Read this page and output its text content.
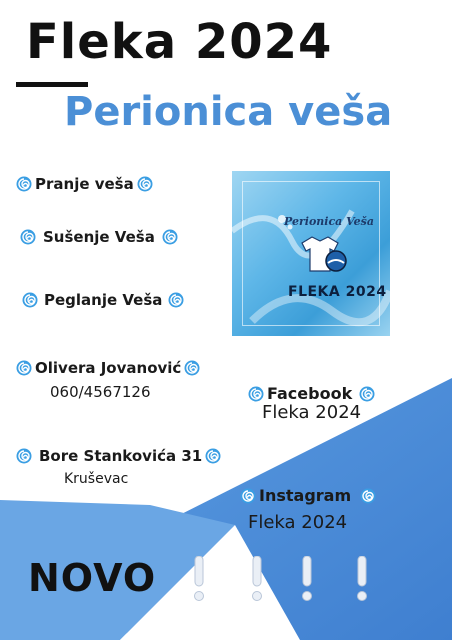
Fleka 2024
Perionica veša
Pranje veša
Sušenje Veša
Peglanje Veša
Perionica Veša
FLEKA 2024
Olivera Jovanović
060/4567126
Bore Stankovića 31
Kruševac
Facebook
Fleka 2024
Instagram
Fleka 2024
NOVO
